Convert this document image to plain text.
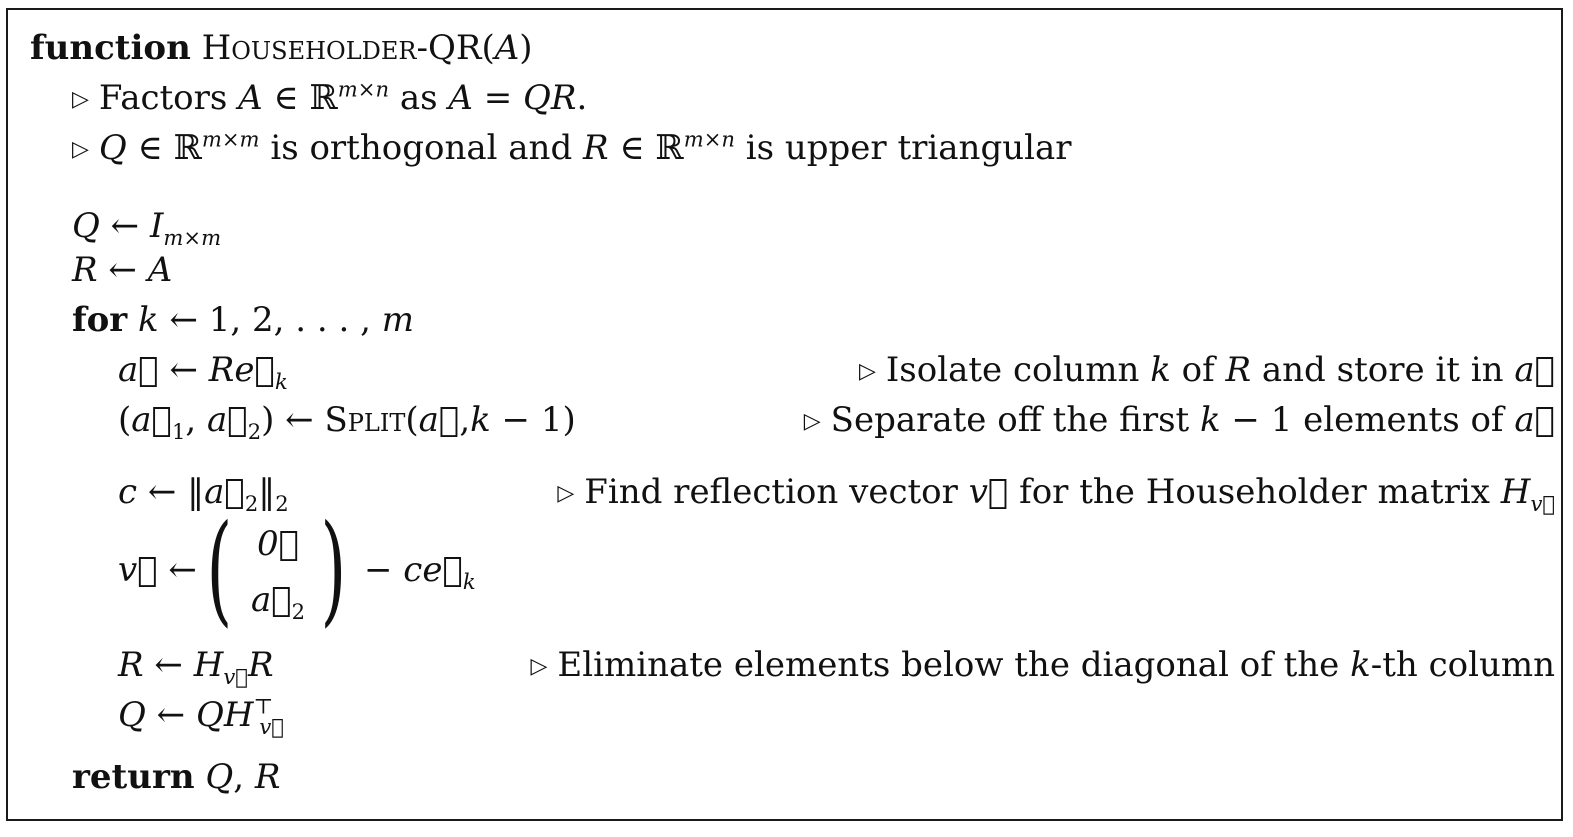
function Householder-QR(A)
▷ Factors A ∈ ℝ$^{m\times n}$ as A = QR.
▷ Q ∈ ℝ$^{m\times m}$ is orthogonal and R ∈ ℝ$^{m\times n}$ is upper triangular
Q ← $I_{m\times m}$
R ← A
for k ← 1, 2, . . . , m
a⃗ ← $Re⃗_k$	▷ Isolate column k of R and store it in a⃗
($a⃗_1$, $a⃗_2$) ← Split(a⃗,k − 1)	▷ Separate off the first k − 1 elements of a⃗
c ← $‖a⃗_2‖_2$	▷ Find reflection vector v⃗ for the Householder matrix $H_{v⃗}$
v⃗ ← ( 0⃗
$a⃗_2$ ) − $ce⃗_k$
R ← $H_{v⃗}R$	▷ Eliminate elements below the diagonal of the k-th column
Q ← $QH^⊤_{v⃗}$
return Q, R
